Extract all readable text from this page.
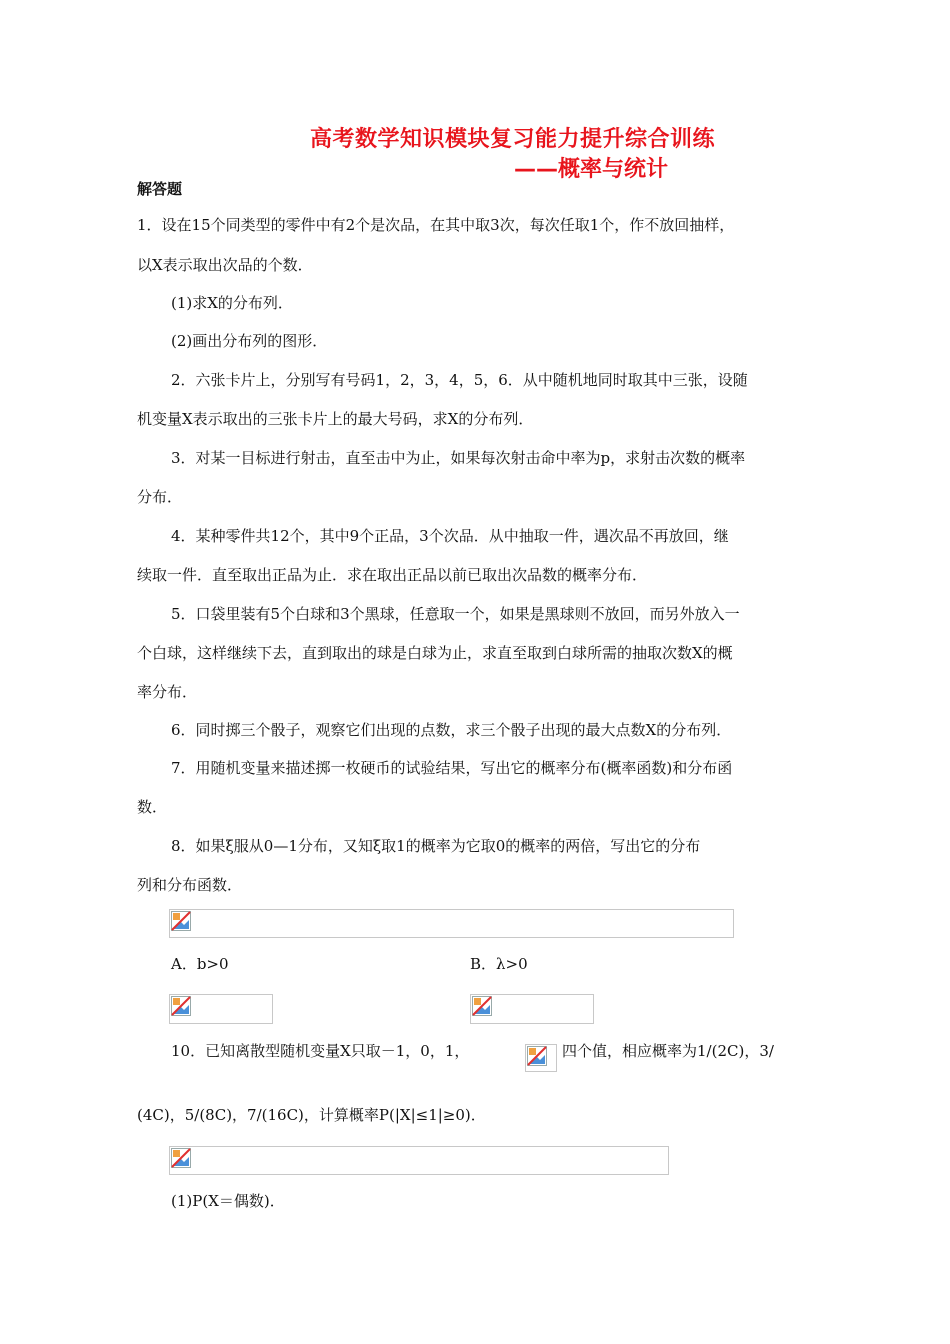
高考数学知识模块复习能力提升综合训练
——概率与统计
解答题
1．设在15个同类型的零件中有2个是次品，在其中取3次，每次任取1个，作不放回抽样，
以X表示取出次品的个数．
(1)求X的分布列．
(2)画出分布列的图形．
2．六张卡片上，分别写有号码1，2，3，4，5，6．从中随机地同时取其中三张，设随
机变量X表示取出的三张卡片上的最大号码，求X的分布列．
3．对某一目标进行射击，直至击中为止，如果每次射击命中率为p，求射击次数的概率
分布．
4．某种零件共12个，其中9个正品，3个次品．从中抽取一件，遇次品不再放回，继
续取一件．直至取出正品为止．求在取出正品以前已取出次品数的概率分布．
5．口袋里装有5个白球和3个黑球，任意取一个，如果是黑球则不放回，而另外放入一
个白球，这样继续下去，直到取出的球是白球为止，求直至取到白球所需的抽取次数X的概
率分布．
6．同时掷三个骰子，观察它们出现的点数，求三个骰子出现的最大点数X的分布列．
7．用随机变量来描述掷一枚硬币的试验结果，写出它的概率分布(概率函数)和分布函
数．
8．如果ξ服从0—1分布，又知ξ取1的概率为它取0的概率的两倍，写出它的分布
列和分布函数．
A．b>0	B．λ>0
10．已知离散型随机变量X只取－1，0，1，	四个值，相应概率为1/(2C)，3/
(4C)，5/(8C)，7/(16C)，计算概率P(|X|≤1|≥0)．
(1)P(X＝偶数)．
